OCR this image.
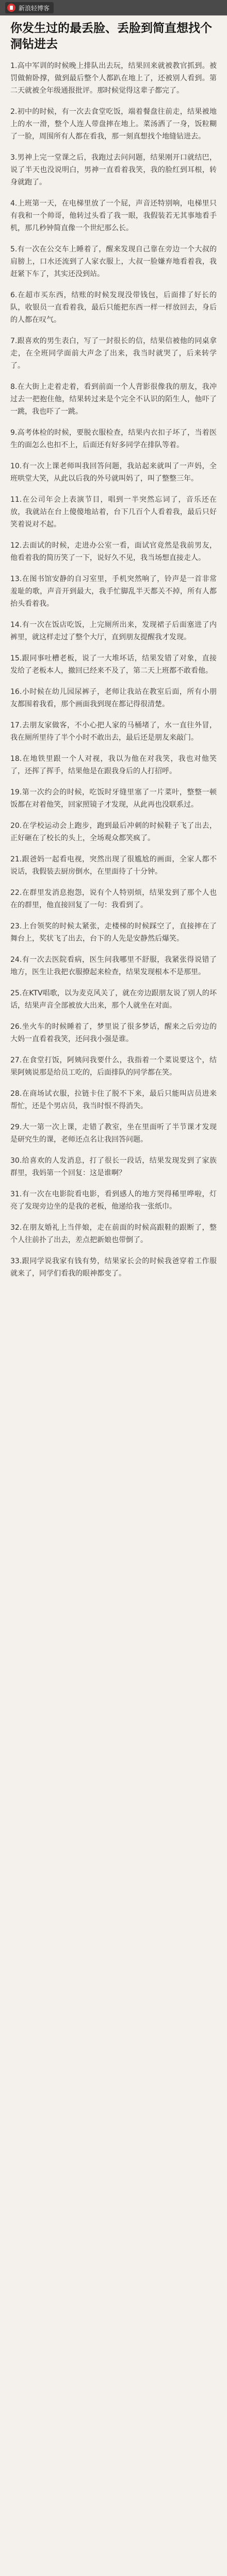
新浪轻博客
你发生过的最丢脸、丢脸到简直想找个洞钻进去

1.高中军训的时候晚上排队出去玩，结果回来就被教官抓到。被罚做俯卧撑，做到最后整个人都趴在地上了，还被别人看到。第二天就被全年级通报批评。那时候觉得这辈子都完了。

2.初中的时候，有一次去食堂吃饭，端着餐盘往前走，结果被地上的水一滑，整个人连人带盘摔在地上。菜汤洒了一身，饭粒糊了一脸，周围所有人都在看我，那一刻真想找个地缝钻进去。

3.男神上完一堂课之后，我跑过去问问题，结果刚开口就结巴，说了半天也没说明白，男神一直看着我笑，我的脸红到耳根，转身就跑了。

4.上班第一天，在电梯里放了一个屁，声音还特别响，电梯里只有我和一个帅哥，他转过头看了我一眼，我假装若无其事地看手机，那几秒钟简直像一个世纪那么长。

5.有一次在公交车上睡着了，醒来发现自己靠在旁边一个大叔的肩膀上，口水还流到了人家衣服上，大叔一脸嫌弃地看着我，我赶紧下车了，其实还没到站。

6.在超市买东西，结账的时候发现没带钱包，后面排了好长的队，收银员一直看着我，最后只能把东西一样一样放回去，身后的人都在叹气。

7.跟喜欢的男生表白，写了一封很长的信，结果信被他的同桌拿走，在全班同学面前大声念了出来，我当时就哭了，后来转学了。

8.在大街上走着走着，看到前面一个人背影很像我的朋友，我冲过去一把抱住他，结果转过来是个完全不认识的陌生人，他吓了一跳，我也吓了一跳。

9.高考体检的时候，要脱衣服检查，结果内衣扣子坏了，当着医生的面怎么也扣不上，后面还有好多同学在排队等着。

10.有一次上课老师叫我回答问题，我站起来就叫了一声妈，全班哄堂大笑，从此以后我的外号就叫妈了，叫了整整三年。

11.在公司年会上表演节目，唱到一半突然忘词了，音乐还在放，我就站在台上傻傻地站着，台下几百个人看着我，最后只好笑着说对不起。

12.去面试的时候，走进办公室一看，面试官竟然是我前男友，他看着我的简历笑了一下，说好久不见，我当场想直接走人。

13.在图书馆安静的自习室里，手机突然响了，铃声是一首非常羞耻的歌，声音开到最大，我手忙脚乱半天都关不掉，所有人都抬头看着我。

14.有一次在饭店吃饭，上完厕所出来，发现裙子后面塞进了内裤里，就这样走过了整个大厅，直到朋友提醒我才发现。

15.跟同事吐槽老板，说了一大堆坏话，结果发错了对象，直接发给了老板本人，撤回已经来不及了，第二天上班都不敢看他。

16.小时候在幼儿园尿裤子，老师让我站在教室后面，所有小朋友都围着我看，那个画面我到现在都记得很清楚。

17.去朋友家做客，不小心把人家的马桶堵了，水一直往外冒，我在厕所里待了半个小时不敢出去，最后还是朋友来敲门。

18.在地铁里跟一个人对视，我以为他在对我笑，我也对他笑了，还挥了挥手，结果他是在跟我身后的人打招呼。

19.第一次约会的时候，吃饭时牙缝里塞了一片菜叶，整整一顿饭都在对着他笑，回家照镜子才发现，从此再也没联系过。

20.在学校运动会上跑步，跑到最后冲刺的时候鞋子飞了出去，正好砸在了校长的头上，全场观众都笑疯了。

21.跟爸妈一起看电视，突然出现了很尴尬的画面，全家人都不说话，我假装去厨房倒水，在里面待了十分钟。

22.在群里发消息抱怨，说有个人特别烦，结果发到了那个人也在的群里，他直接回复了一句：我看到了。

23.上台领奖的时候太紧张，走楼梯的时候踩空了，直接摔在了舞台上，奖状飞了出去，台下的人先是安静然后爆笑。

24.有一次去医院看病，医生问我哪里不舒服，我紧张得说错了地方，医生让我把衣服撩起来检查，结果发现根本不是那里。

25.在KTV唱歌，以为麦克风关了，就在旁边跟朋友说了别人的坏话，结果声音全部被放大出来，那个人就坐在对面。

26.坐火车的时候睡着了，梦里说了很多梦话，醒来之后旁边的大妈一直看着我笑，还问我小强是谁。

27.在食堂打饭，阿姨问我要什么，我指着一个菜说要这个，结果阿姨说那是给员工吃的，后面排队的同学都在笑。

28.在商场试衣服，拉链卡住了脱不下来，最后只能叫店员进来帮忙，还是个男店员，我当时恨不得消失。

29.大一第一次上课，走错了教室，坐在里面听了半节课才发现是研究生的课，老师还点名让我回答问题。

30.给喜欢的人发消息，打了很长一段话，结果发现发到了家族群里，我妈第一个回复：这是谁啊？

31.有一次在电影院看电影，看到感人的地方哭得稀里哗啦，灯亮了发现旁边坐的是我的老板，他递给我一张纸巾。

32.在朋友婚礼上当伴娘，走在前面的时候高跟鞋的跟断了，整个人往前扑了出去，差点把新娘也带倒了。

33.跟同学说我家有钱有势，结果家长会的时候我爸穿着工作服就来了，同学们看我的眼神都变了。
